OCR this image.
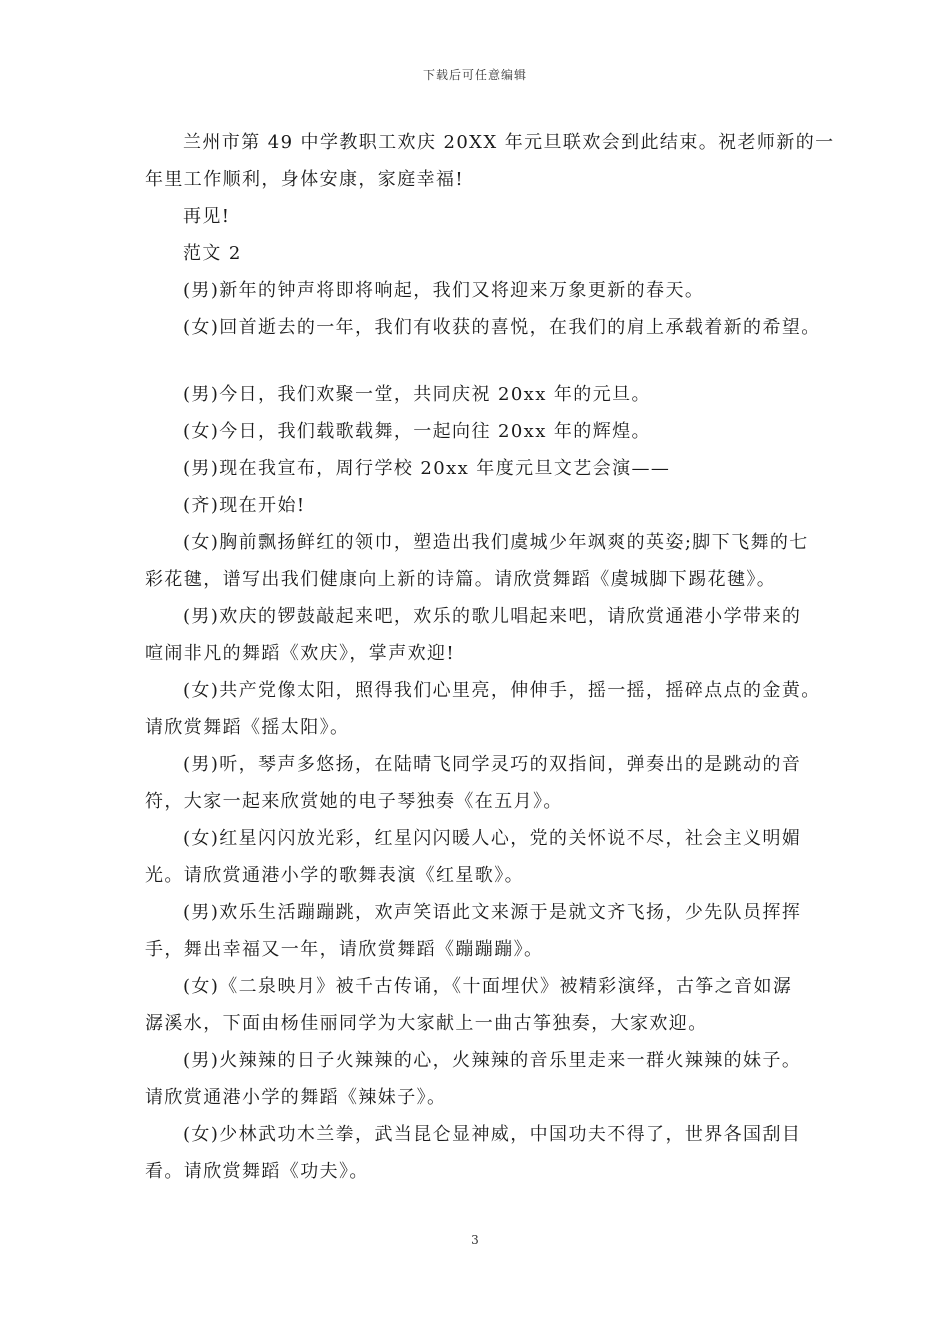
下载后可任意编辑

兰州市第 49 中学教职工欢庆 20XX 年元旦联欢会到此结束。祝老师新的一
年里工作顺利，身体安康，家庭幸福!

再见!

范文 2

(男)新年的钟声将即将响起，我们又将迎来万象更新的春天。

(女)回首逝去的一年，我们有收获的喜悦，在我们的肩上承载着新的希望。

(男)今日，我们欢聚一堂，共同庆祝 20xx 年的元旦。

(女)今日，我们载歌载舞，一起向往 20xx 年的辉煌。

(男)现在我宣布，周行学校 20xx 年度元旦文艺会演——

(齐)现在开始!

(女)胸前飘扬鲜红的领巾，塑造出我们虞城少年飒爽的英姿;脚下飞舞的七
彩花毽，谱写出我们健康向上新的诗篇。请欣赏舞蹈《虞城脚下踢花毽》。

(男)欢庆的锣鼓敲起来吧，欢乐的歌儿唱起来吧，请欣赏通港小学带来的
喧闹非凡的舞蹈《欢庆》，掌声欢迎!

(女)共产党像太阳，照得我们心里亮，伸伸手，摇一摇，摇碎点点的金黄。
请欣赏舞蹈《摇太阳》。

(男)听，琴声多悠扬，在陆晴飞同学灵巧的双指间，弹奏出的是跳动的音
符，大家一起来欣赏她的电子琴独奏《在五月》。

(女)红星闪闪放光彩，红星闪闪暖人心，党的关怀说不尽，社会主义明媚
光。请欣赏通港小学的歌舞表演《红星歌》。

(男)欢乐生活蹦蹦跳，欢声笑语此文来源于是就文齐飞扬，少先队员挥挥
手，舞出幸福又一年，请欣赏舞蹈《蹦蹦蹦》。

(女)《二泉映月》被千古传诵，《十面埋伏》被精彩演绎，古筝之音如潺
潺溪水，下面由杨佳丽同学为大家献上一曲古筝独奏，大家欢迎。

(男)火辣辣的日子火辣辣的心，火辣辣的音乐里走来一群火辣辣的妹子。
请欣赏通港小学的舞蹈《辣妹子》。

(女)少林武功木兰拳，武当昆仑显神威，中国功夫不得了，世界各国刮目
看。请欣赏舞蹈《功夫》。

3
